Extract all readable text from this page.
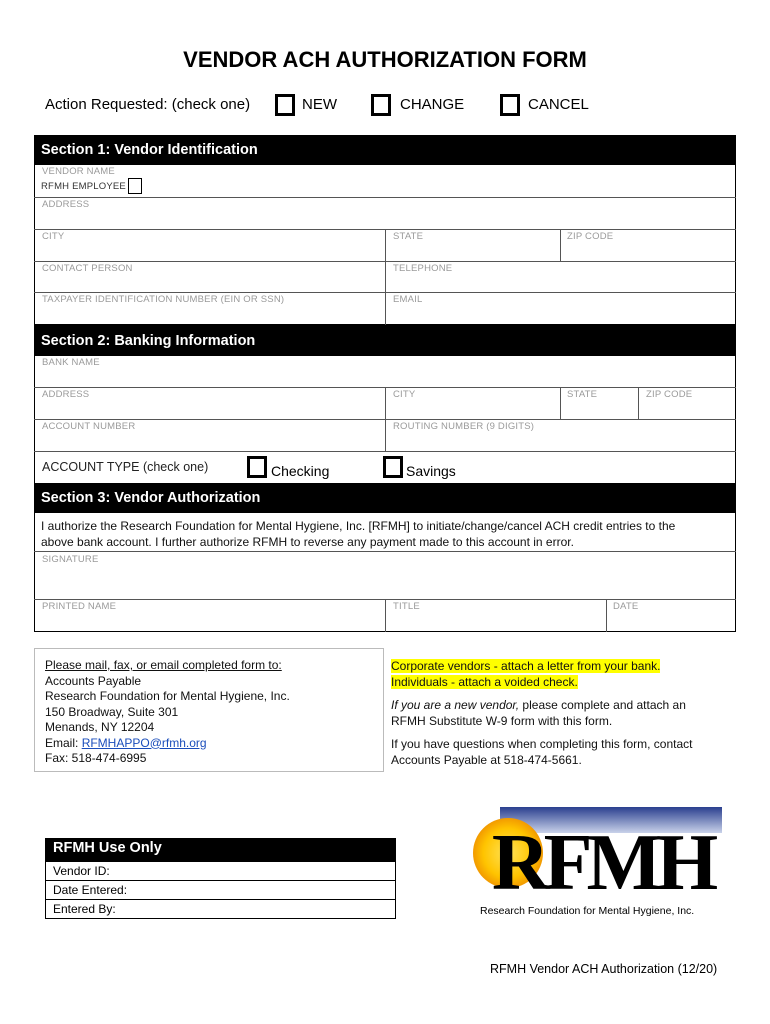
VENDOR ACH AUTHORIZATION FORM
Action Requested: (check one)	NEW	CHANGE	CANCEL
Section 1: Vendor Identification
VENDOR NAME
RFMH EMPLOYEE
ADDRESS
CITY	STATE	ZIP CODE
CONTACT PERSON	TELEPHONE
TAXPAYER IDENTIFICATION NUMBER (EIN OR SSN)	EMAIL
Section 2: Banking Information
BANK NAME
ADDRESS	CITY	STATE	ZIP CODE
ACCOUNT NUMBER	ROUTING NUMBER (9 DIGITS)
ACCOUNT TYPE (check one)	Checking	Savings
Section 3: Vendor Authorization
I authorize the Research Foundation for Mental Hygiene, Inc. [RFMH] to initiate/change/cancel ACH credit entries to the
above bank account. I further authorize RFMH to reverse any payment made to this account in error.
SIGNATURE
PRINTED NAME	TITLE	DATE
Please mail, fax, or email completed form to:
Accounts Payable
Research Foundation for Mental Hygiene, Inc.
150 Broadway, Suite 301
Menands, NY 12204
Email: RFMHAPPO@rfmh.org
Fax: 518-474-6995
Corporate vendors - attach a letter from your bank.
Individuals - attach a voided check.
If you are a new vendor, please complete and attach an
RFMH Substitute W-9 form with this form.
If you have questions when completing this form, contact
Accounts Payable at 518-474-5661.
RFMH Use Only
Vendor ID:
Date Entered:
Entered By:
RFMH
Research Foundation for Mental Hygiene, Inc.
RFMH Vendor ACH Authorization (12/20)
